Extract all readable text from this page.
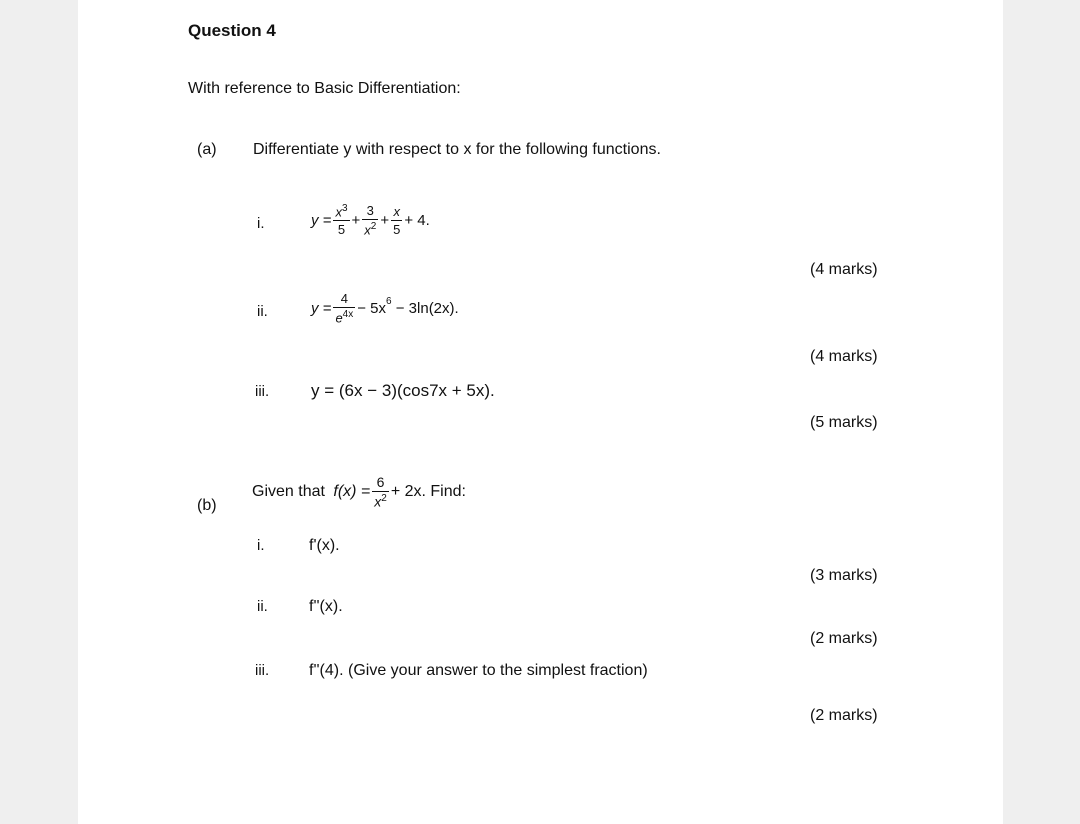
Question 4
With reference to Basic Differentiation:
(a) Differentiate y with respect to x for the following functions.
i.	$y = \frac{x^3}{5} + \frac{3}{x^2} + \frac{x}{5} + 4$.
(4 marks)
ii.	$y = \frac{4}{e^{4x}} - 5x^6 - 3\ln(2x)$.
(4 marks)
iii. y = (6x − 3)(cos7x + 5x).
(5 marks)
(b)
Given that $f(x) = \frac{6}{x^2} + 2x$. Find:
i.	f'(x).
(3 marks)
ii.	f''(x).
(2 marks)
iii. f''(4). (Give your answer to the simplest fraction)
(2 marks)
